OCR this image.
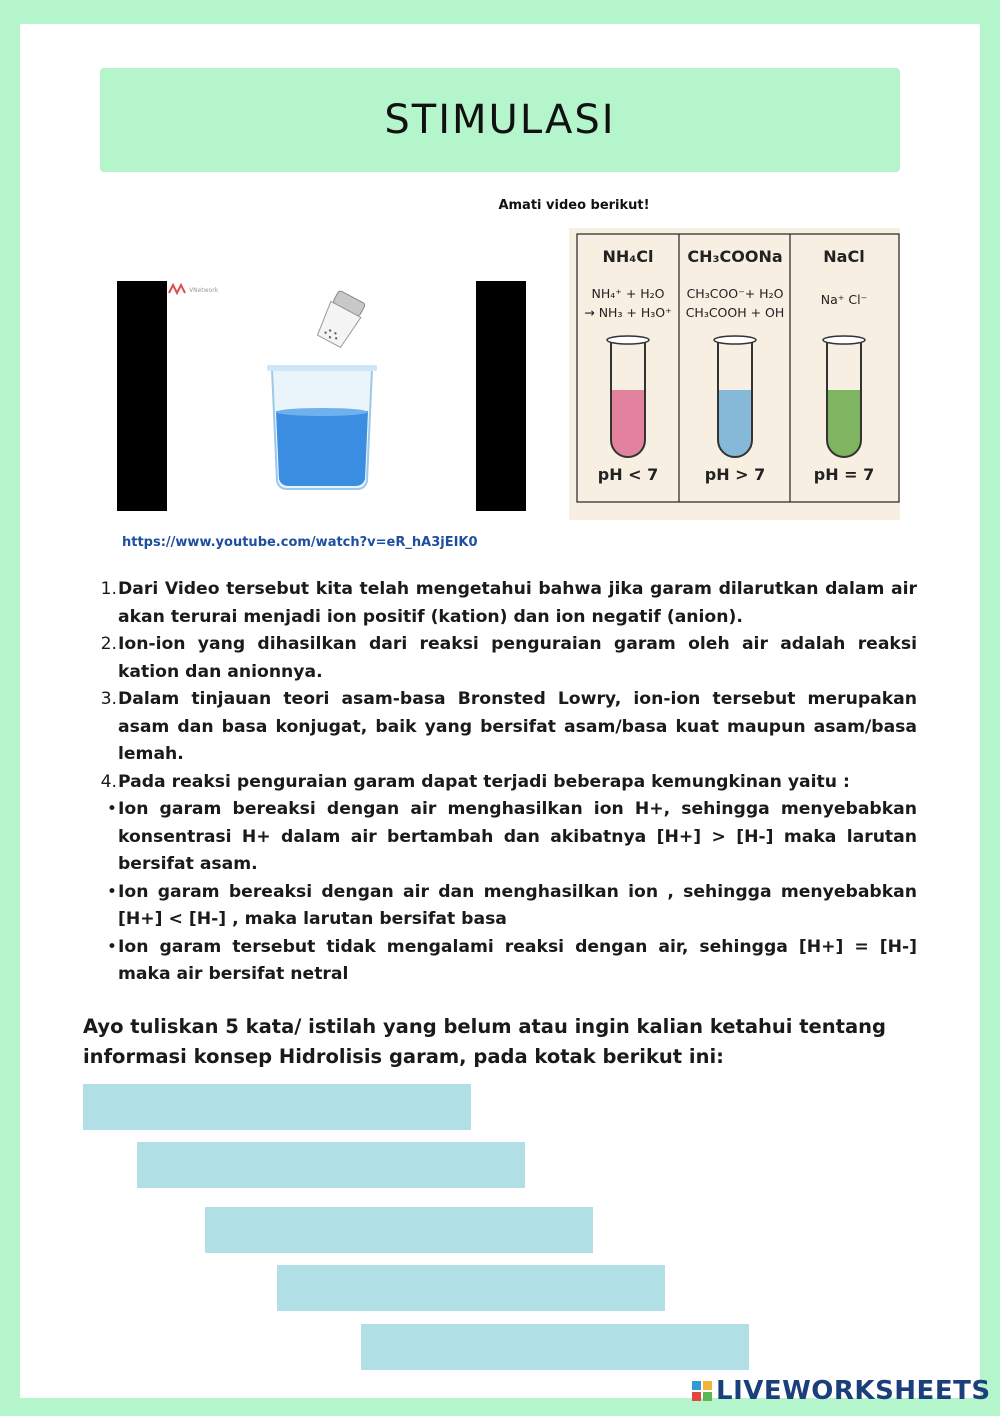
STIMULASI
Amati video berikut!
VNetwork
https://www.youtube.com/watch?v=eR_hA3jEIK0
NH₄Cl
NH₄⁺ + H₂O
→ NH₃ + H₃O⁺
pH < 7
CH₃COONa
CH₃COO⁻+ H₂O
CH₃COOH + OH
pH > 7
NaCl
Na⁺ Cl⁻
pH = 7
1. Dari Video tersebut kita telah mengetahui bahwa jika garam dilarutkan dalam air akan terurai menjadi ion positif (kation) dan ion negatif (anion).
2. Ion-ion yang dihasilkan dari reaksi penguraian garam oleh air adalah reaksi kation dan anionnya.
3. Dalam tinjauan teori asam-basa Bronsted Lowry, ion-ion tersebut merupakan asam dan basa konjugat, baik yang bersifat asam/basa kuat maupun asam/basa lemah.
4. Pada reaksi penguraian garam dapat terjadi beberapa kemungkinan yaitu :
• Ion garam bereaksi dengan air menghasilkan ion H+, sehingga menyebabkan konsentrasi H+ dalam air bertambah dan akibatnya [H+] > [H-] maka larutan bersifat asam.
• Ion garam bereaksi dengan air dan menghasilkan ion , sehingga menyebabkan [H+] < [H-] , maka larutan bersifat basa
• Ion garam tersebut tidak mengalami reaksi dengan air, sehingga [H+] = [H-] maka air bersifat netral
Ayo tuliskan 5 kata/ istilah yang belum atau ingin kalian ketahui tentang informasi konsep Hidrolisis garam, pada kotak berikut ini:
LIVEWORKSHEETS
